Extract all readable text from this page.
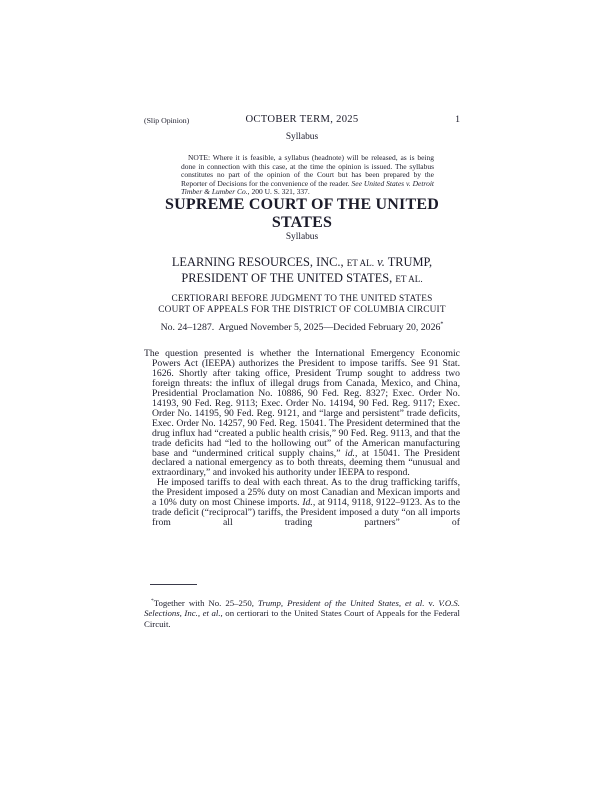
(Slip Opinion)	OCTOBER TERM, 2025	1
Syllabus
NOTE: Where it is feasible, a syllabus (headnote) will be released, as is being done in connection with this case, at the time the opinion is issued. The syllabus constitutes no part of the opinion of the Court but has been prepared by the Reporter of Decisions for the convenience of the reader. See United States v. Detroit Timber & Lumber Co., 200 U. S. 321, 337.
SUPREME COURT OF THE UNITED STATES
Syllabus
LEARNING RESOURCES, INC., ET AL. v. TRUMP,
PRESIDENT OF THE UNITED STATES, ET AL.
CERTIORARI BEFORE JUDGMENT TO THE UNITED STATES
COURT OF APPEALS FOR THE DISTRICT OF COLUMBIA CIRCUIT
No. 24–1287.  Argued November 5, 2025—Decided February 20, 2026*

The question presented is whether the International Emergency Economic Powers Act (IEEPA) authorizes the President to impose tariffs. See 91 Stat. 1626. Shortly after taking office, President Trump sought to address two foreign threats: the influx of illegal drugs from Canada, Mexico, and China, Presidential Proclamation No. 10886, 90 Fed. Reg. 8327; Exec. Order No. 14193, 90 Fed. Reg. 9113; Exec. Order No. 14194, 90 Fed. Reg. 9117; Exec. Order No. 14195, 90 Fed. Reg. 9121, and “large and persistent” trade deficits, Exec. Order No. 14257, 90 Fed. Reg. 15041. The President determined that the drug influx had “created a public health crisis,” 90 Fed. Reg. 9113, and that the trade deficits had “led to the hollowing out” of the American manufacturing base and “undermined critical supply chains,” id., at 15041. The President declared a national emergency as to both threats, deeming them “unusual and extraordinary,” and invoked his authority under IEEPA to respond.

He imposed tariffs to deal with each threat. As to the drug trafficking tariffs, the President imposed a 25% duty on most Canadian and Mexican imports and a 10% duty on most Chinese imports. Id., at 9114, 9118, 9122–9123. As to the trade deficit (“reciprocal”) tariffs, the President imposed a duty “on all imports from all trading partners” of

*Together with No. 25–250, Trump, President of the United States, et al. v. V.O.S. Selections, Inc., et al., on certiorari to the United States Court of Appeals for the Federal Circuit.
